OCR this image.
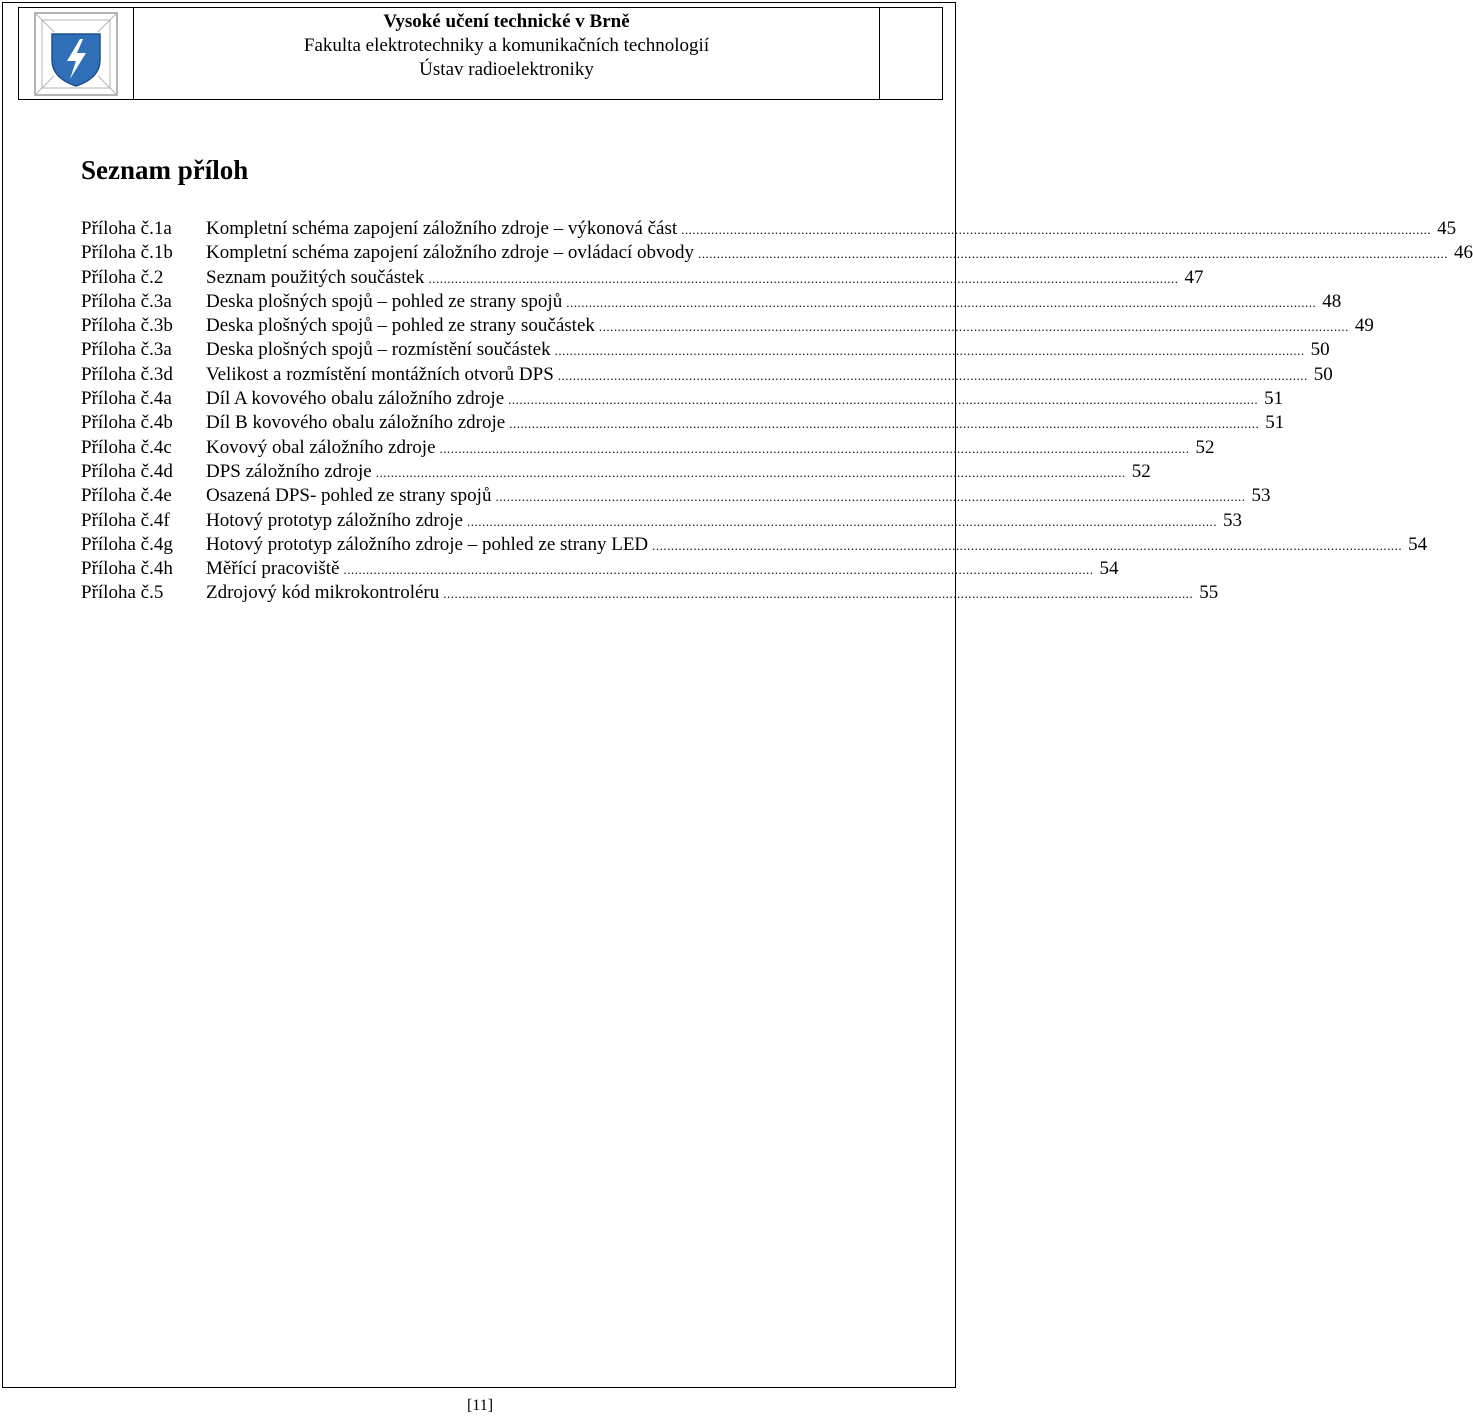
Vysoké učení technické v Brně
Fakulta elektrotechniky a komunikačních technologií
Ústav radioelektroniky
Seznam příloh
Příloha č.1a	Kompletní schéma zapojení záložního zdroje – výkonová část ........................................................................................................................................................................................................ 45
Příloha č.1b	Kompletní schéma zapojení záložního zdroje – ovládací obvody ........................................................................................................................................................................................................ 46
Příloha č.2	Seznam použitých součástek ........................................................................................................................................................................................................ 47
Příloha č.3a	Deska plošných spojů – pohled ze strany spojů ........................................................................................................................................................................................................ 48
Příloha č.3b	Deska plošných spojů – pohled ze strany součástek ........................................................................................................................................................................................................ 49
Příloha č.3a	Deska plošných spojů – rozmístění součástek ........................................................................................................................................................................................................ 50
Příloha č.3d	Velikost a rozmístění montážních otvorů DPS ........................................................................................................................................................................................................ 50
Příloha č.4a	Díl A kovového obalu záložního zdroje ........................................................................................................................................................................................................ 51
Příloha č.4b	Díl B kovového obalu záložního zdroje ........................................................................................................................................................................................................ 51
Příloha č.4c	Kovový obal záložního zdroje ........................................................................................................................................................................................................ 52
Příloha č.4d	DPS záložního zdroje ........................................................................................................................................................................................................ 52
Příloha č.4e	Osazená DPS- pohled ze strany spojů ........................................................................................................................................................................................................ 53
Příloha č.4f	Hotový prototyp záložního zdroje ........................................................................................................................................................................................................ 53
Příloha č.4g	Hotový prototyp záložního zdroje – pohled ze strany LED ........................................................................................................................................................................................................ 54
Příloha č.4h	Měřící pracoviště ........................................................................................................................................................................................................ 54
Příloha č.5	Zdrojový kód mikrokontroléru ........................................................................................................................................................................................................ 55
[11]
